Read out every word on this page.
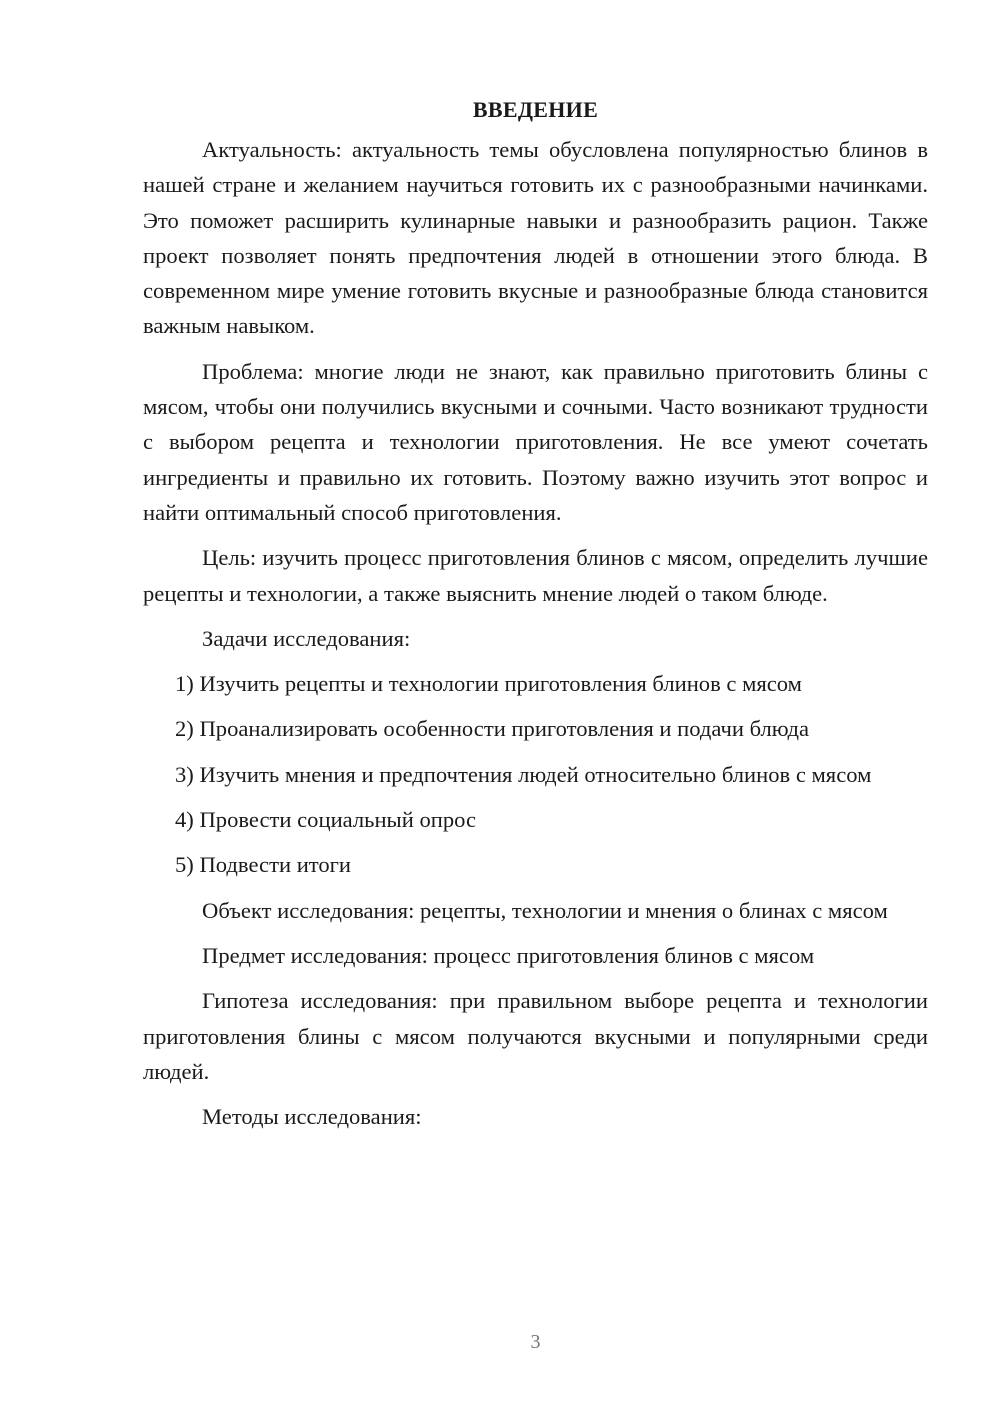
ВВЕДЕНИЕ

Актуальность: актуальность темы обусловлена популярностью блинов в нашей стране и желанием научиться готовить их с разнообразными начинками. Это поможет расширить кулинарные навыки и разнообразить рацион. Также проект позволяет понять предпочтения людей в отношении этого блюда. В современном мире умение готовить вкусные и разнообразные блюда становится важным навыком.

Проблема: многие люди не знают, как правильно приготовить блины с мясом, чтобы они получились вкусными и сочными. Часто возникают трудности с выбором рецепта и технологии приготовления. Не все умеют сочетать ингредиенты и правильно их готовить. Поэтому важно изучить этот вопрос и найти оптимальный способ приготовления.

Цель: изучить процесс приготовления блинов с мясом, определить лучшие рецепты и технологии, а также выяснить мнение людей о таком блюде.

Задачи исследования:

1) Изучить рецепты и технологии приготовления блинов с мясом

2) Проанализировать особенности приготовления и подачи блюда

3) Изучить мнения и предпочтения людей относительно блинов с мясом

4) Провести социальный опрос

5) Подвести итоги

Объект исследования: рецепты, технологии и мнения о блинах с мясом

Предмет исследования: процесс приготовления блинов с мясом

Гипотеза исследования: при правильном выборе рецепта и технологии приготовления блины с мясом получаются вкусными и популярными среди людей.

Методы исследования:

3
